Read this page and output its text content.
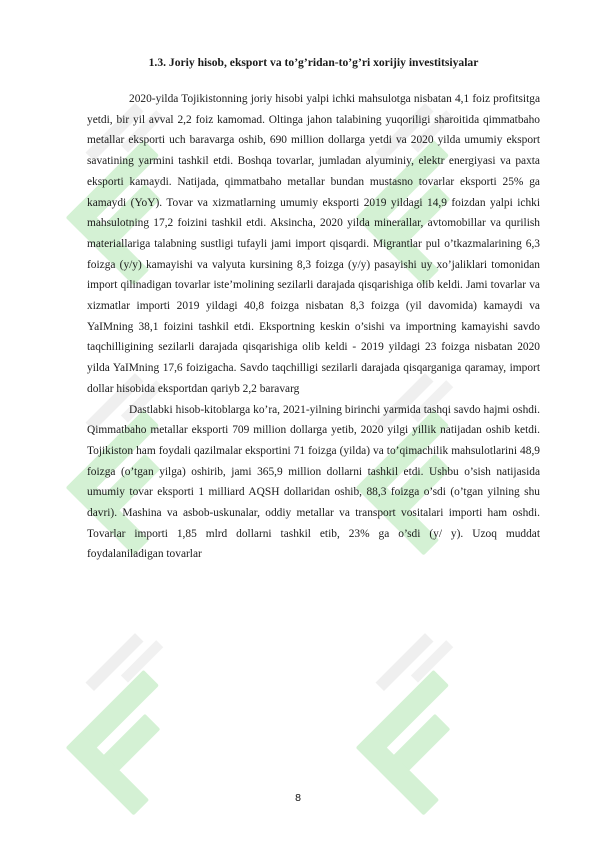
1.3. Joriy hisob, eksport va to’g’ridan-to’g’ri xorijiy investitsiyalar

2020-yilda Tojikistonning joriy hisobi yalpi ichki mahsulotga nisbatan 4,1 foiz profitsitga yetdi, bir yil avval 2,2 foiz kamomad. Oltinga jahon talabining yuqoriligi sharoitida qimmatbaho metallar eksporti uch baravarga oshib, 690 million dollarga yetdi va 2020 yilda umumiy eksport savatining yarmini tashkil etdi. Boshqa tovarlar, jumladan alyuminiy, elektr energiyasi va paxta eksporti kamaydi. Natijada, qimmatbaho metallar bundan mustasno tovarlar eksporti 25% ga kamaydi (YoY). Tovar va xizmatlarning umumiy eksporti 2019 yildagi 14,9 foizdan yalpi ichki mahsulotning 17,2 foizini tashkil etdi. Aksincha, 2020 yilda minerallar, avtomobillar va qurilish materiallariga talabning sustligi tufayli jami import qisqardi. Migrantlar pul o’tkazmalarining 6,3 foizga (y/y) kamayishi va valyuta kursining 8,3 foizga (y/y) pasayishi uy xo’jaliklari tomonidan import qilinadigan tovarlar iste’molining sezilarli darajada qisqarishiga olib keldi. Jami tovarlar va xizmatlar importi 2019 yildagi 40,8 foizga nisbatan 8,3 foizga (yil davomida) kamaydi va YaIMning 38,1 foizini tashkil etdi. Eksportning keskin o’sishi va importning kamayishi savdo taqchilligining sezilarli darajada qisqarishiga olib keldi - 2019 yildagi 23 foizga nisbatan 2020 yilda YaIMning 17,6 foizigacha. Savdo taqchilligi sezilarli darajada qisqarganiga qaramay, import dollar hisobida eksportdan qariyb 2,2 baravarg

Dastlabki hisob-kitoblarga ko’ra, 2021-yilning birinchi yarmida tashqi savdo hajmi oshdi. Qimmatbaho metallar eksporti 709 million dollarga yetib, 2020 yilgi yillik natijadan oshib ketdi. Tojikiston ham foydali qazilmalar eksportini 71 foizga (yilda) va to’qimachilik mahsulotlarini 48,9 foizga (o’tgan yilga) oshirib, jami 365,9 million dollarni tashkil etdi. Ushbu o’sish natijasida umumiy tovar eksporti 1 milliard AQSH dollaridan oshib, 88,3 foizga o’sdi (o’tgan yilning shu davri). Mashina va asbob-uskunalar, oddiy metallar va transport vositalari importi ham oshdi. Tovarlar importi 1,85 mlrd dollarni tashkil etib, 23% ga o’sdi (y/ y). Uzoq muddat foydalaniladigan tovarlar

8
